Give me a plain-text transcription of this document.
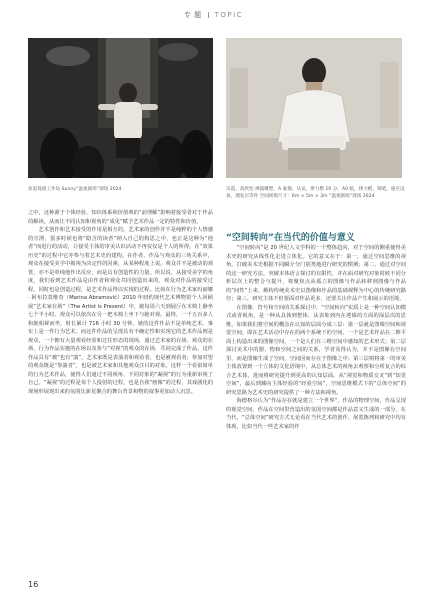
专 题 TOPIC
张思琦剧工作坊 Sunny“温柔剧场”现场 2024	吴霞、高欣怡 裸露雕塑，A 素描、从呆、律力楷 10 分，A0 纸，律力楷，钢笔，感应设备，理发店等件 空间规模尺寸：6m × 5m × 3m “温柔剧场”现场 2024

之中，这种源于个体经验、知识体系和价值观的“前理解”影响着接受者对于作品的解读，从而让不同认知和视角的“成见”赋予艺术作品一定的特性和价值。

艺术创作和艺术接受的作用是相互的，艺术家的创作并不是纯粹的个人情感的宣泄，很多时候也将“隐含的读者”纳入自己的构思之中，也正是这种为“他者”而进行的活动，让接受主体的审美认识活动不再仅仅是个人的所得。在“效果历史”的过程中它亦参与着艺术史的建构。在作者、作品与观众的三角关系中，观众在接受美学中被视为决定性的因素，从某种程度上说，观众并不是被动的观赏，亦不是单纯地作出反应，而是具有创造性的力量。所以说，从接受美学的角度，我们看到艺术作品是由作者和观众共同创造出来的，观众对作品的接受过程，同时也是创造过程，是艺术作品得以实现的过程。比如在行为艺术家玛丽娜 · 阿布拉莫维奇（Marina Abramović）2010 年纽约现代艺术博物馆个人回顾展“艺术家在场”（The Artist is Present）中，她每周六天到展厅在木椅上静坐七个半小时，观众可以依次在另一把木椅上坐下与她对视。最终，一千五百多人和她相视而坐，时长累计 716 小时 30 分钟。她的这件作品不是单纯艺术，事实上是一件行为艺术。而这件作品的呈现具有不确定性和实现它的艺术作品则是观众，一个拥有大量观看经验和过往形态的现场，通过艺术家的在场、观众的在场、行为作品实施的在场以及参与“对视”的观众的在场，共同完成了作品。这件作品具有“被”也有“演”，艺术家既是表演者和观看者，也是被观看者；参加对望的观众既是“参演者”，也是被艺术家和其他观众注目的对象。这样一个看似简单的行为艺术作品，使得人们通过不同视角、不同对象的“凝视”的行为重新审视了自己。“凝视”的过程是每个人投射的过程，也是自我“画像”的过程，其戏剧化的现场形展现出来的氛围比新星聚合的舞台背景和物的叙事更加动人沉思。

“空间转向”在当代的价值与意义

“空间转向”是 20 世纪人文学科的一个整体趋向，对于空间的侧重使得美术史的研究从线性化走进立体化。它的意义在于：第一，通过空间思维的视角，打破美术史根据不同瞬介分门别类地进行研究的惯例；第二，通过对空间的这一研究方法，突破本体语言探讨的有限性，并在面对研究对象时候不同分析层次上的整合与提升，将聚焦点从孤立的图像与作品转移到图像与作品的“间性”上来，解构传统美术史以图像和作品的基础视释为中心的传统研究路径；第三，研究主体不但要面对作品更多，还要关注作品产生和展示的语境。

在图像、符号和空间的关系探讨中，“空间转向”实质上是一种空间认知模式或者视角，是一种从具体到整体、从表象到内在逻辑的方面的深层次的思维。如果我们将空间的概念在认知的层面分成三层：第一层就是图像空间和视觉空间，即在艺术活动中存在的两个系统下的空间，一个是艺术作品在二维平面上构造出来的图像空间，一个是人们在三维空间中感知的艺术形式；第二层探讨美术中的器、物和空间之间的关系，学者及得认为，并不是图像在空间里，而是图像生成了空间，空间因而存在于图像之中；第三层则将第一的审美主体放置到一个立体的文化语境中，从总体艺术的视角去观察和分析复合的综合艺术体，进而将研究提升到更高的认知层面。从“视觉和物质交叉”到“知觉空间”，最后到臻向主体经验的“经验空间”，空间思维模式下的“总体空间”的研究思路为艺术史的研究提供了一种方法和视角。

海德格尔认为“作品存在就是建立一个世界”，作品的物理空间，作品呈现的视觉空间，作品在空间里营造出的氛围空间都是作品意义生成的一部分。在当代，“总体空间”研究方式无论看在当代艺术的创作、展览陈列和研究中均有体现，比如当代一些艺术家的作

16
